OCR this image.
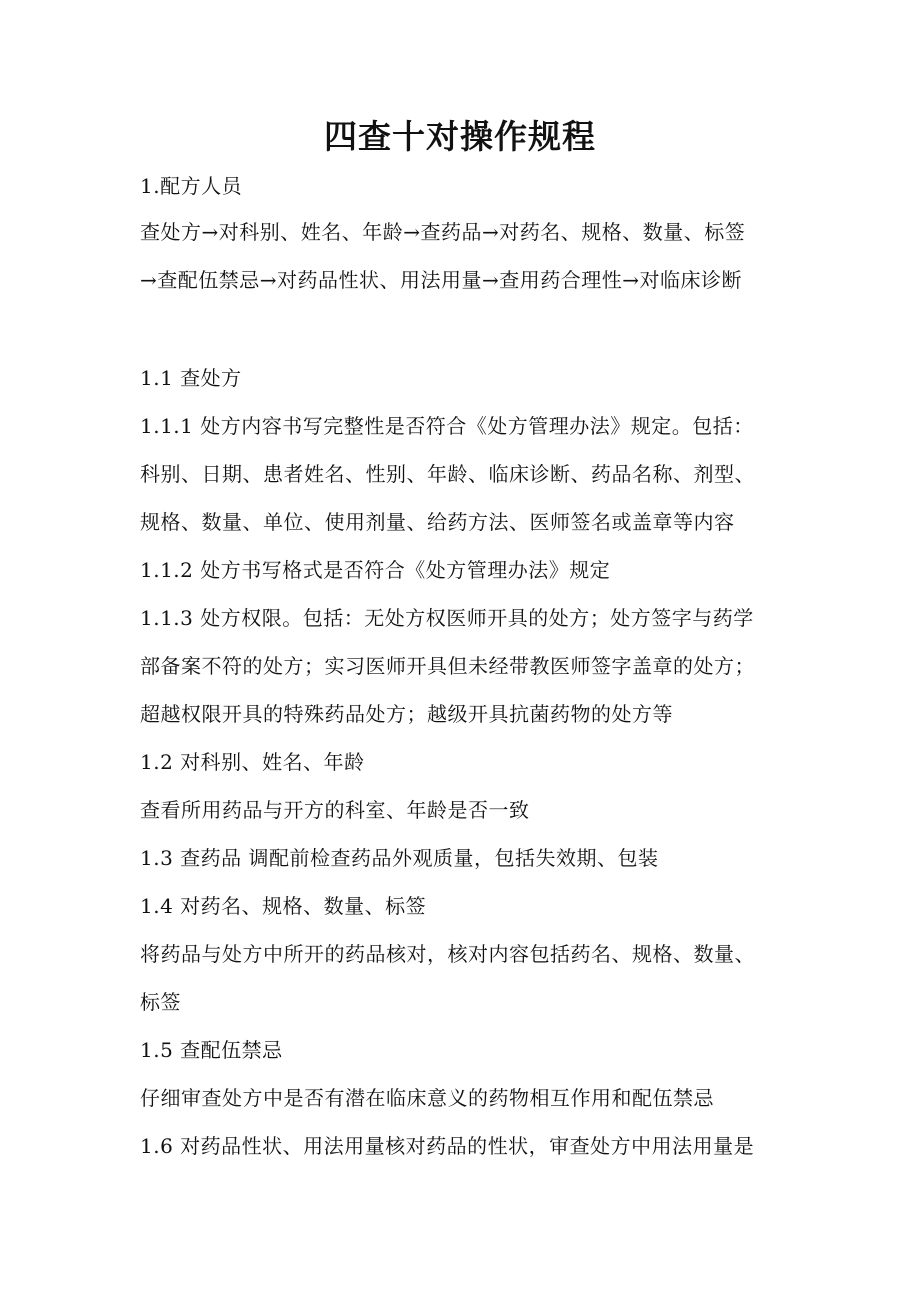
四查十对操作规程

1.配方人员

查处方→对科别、姓名、年龄→查药品→对药名、规格、数量、标签

→查配伍禁忌→对药品性状、用法用量→查用药合理性→对临床诊断

1.1 查处方

1.1.1 处方内容书写完整性是否符合《处方管理办法》规定。包括：

科别、日期、患者姓名、性别、年龄、临床诊断、药品名称、剂型、

规格、数量、单位、使用剂量、给药方法、医师签名或盖章等内容

1.1.2 处方书写格式是否符合《处方管理办法》规定

1.1.3 处方权限。包括：无处方权医师开具的处方；处方签字与药学

部备案不符的处方；实习医师开具但未经带教医师签字盖章的处方；

超越权限开具的特殊药品处方；越级开具抗菌药物的处方等

1.2 对科别、姓名、年龄

查看所用药品与开方的科室、年龄是否一致

1.3 查药品 调配前检查药品外观质量，包括失效期、包装

1.4 对药名、规格、数量、标签

将药品与处方中所开的药品核对，核对内容包括药名、规格、数量、

标签

1.5 查配伍禁忌

仔细审查处方中是否有潜在临床意义的药物相互作用和配伍禁忌

1.6 对药品性状、用法用量核对药品的性状，审查处方中用法用量是
